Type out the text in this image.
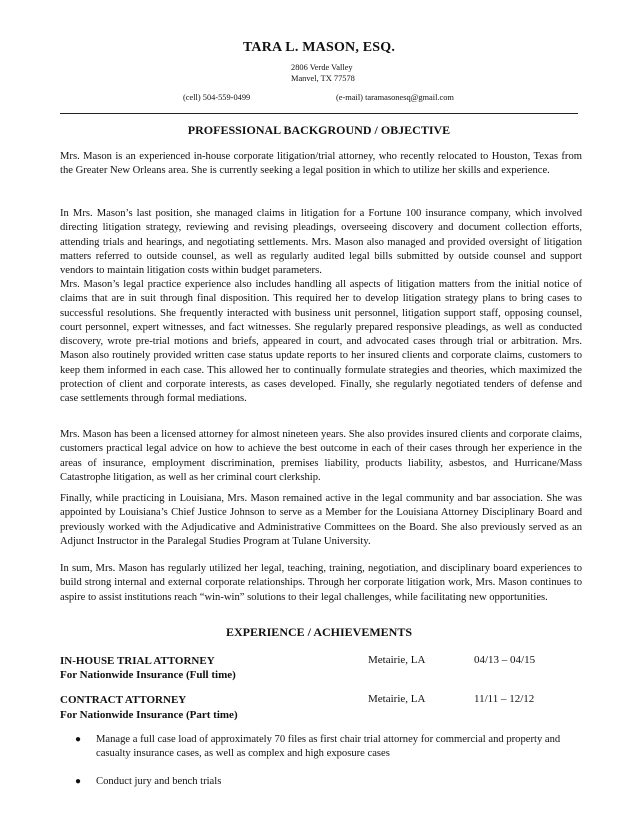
TARA L. MASON, ESQ.
2806 Verde Valley
Manvel, TX 77578
(cell) 504-559-0499	(e-mail) taramasonesq@gmail.com
PROFESSIONAL BACKGROUND / OBJECTIVE

Mrs. Mason is an experienced in-house corporate litigation/trial attorney, who recently relocated to Houston, Texas from the Greater New Orleans area. She is currently seeking a legal position in which to utilize her skills and experience.

In Mrs. Mason’s last position, she managed claims in litigation for a Fortune 100 insurance company, which involved directing litigation strategy, reviewing and revising pleadings, overseeing discovery and document collection efforts, attending trials and hearings, and negotiating settlements. Mrs. Mason also managed and provided oversight of litigation matters referred to outside counsel, as well as regularly audited legal bills submitted by outside counsel and support vendors to maintain litigation costs within budget parameters.

Mrs. Mason’s legal practice experience also includes handling all aspects of litigation matters from the initial notice of claims that are in suit through final disposition. This required her to develop litigation strategy plans to bring cases to successful resolutions. She frequently interacted with business unit personnel, litigation support staff, opposing counsel, court personnel, expert witnesses, and fact witnesses. She regularly prepared responsive pleadings, as well as conducted discovery, wrote pre-trial motions and briefs, appeared in court, and advocated cases through trial or arbitration. Mrs. Mason also routinely provided written case status update reports to her insured clients and corporate claims, customers to keep them informed in each case. This allowed her to continually formulate strategies and theories, which maximized the protection of client and corporate interests, as cases developed. Finally, she regularly negotiated tenders of defense and case settlements through formal mediations.

Mrs. Mason has been a licensed attorney for almost nineteen years. She also provides insured clients and corporate claims, customers practical legal advice on how to achieve the best outcome in each of their cases through her experience in the areas of insurance, employment discrimination, premises liability, products liability, asbestos, and Hurricane/Mass Catastrophe litigation, as well as her criminal court clerkship.

Finally, while practicing in Louisiana, Mrs. Mason remained active in the legal community and bar association. She was appointed by Louisiana’s Chief Justice Johnson to serve as a Member for the Louisiana Attorney Disciplinary Board and previously worked with the Adjudicative and Administrative Committees on the Board. She also previously served as an Adjunct Instructor in the Paralegal Studies Program at Tulane University.

In sum, Mrs. Mason has regularly utilized her legal, teaching, training, negotiation, and disciplinary board experiences to build strong internal and external corporate relationships. Through her corporate litigation work, Mrs. Mason continues to aspire to assist institutions reach “win-win” solutions to their legal challenges, while facilitating new opportunities.

EXPERIENCE / ACHIEVEMENTS
IN-HOUSE TRIAL ATTORNEY	Metairie, LA	04/13 – 04/15
For Nationwide Insurance (Full time)
CONTRACT ATTORNEY	Metairie, LA	11/11 – 12/12
For Nationwide Insurance (Part time)
● Manage a full case load of approximately 70 files as first chair trial attorney for commercial and property and casualty insurance cases, as well as complex and high exposure cases
● Conduct jury and bench trials
